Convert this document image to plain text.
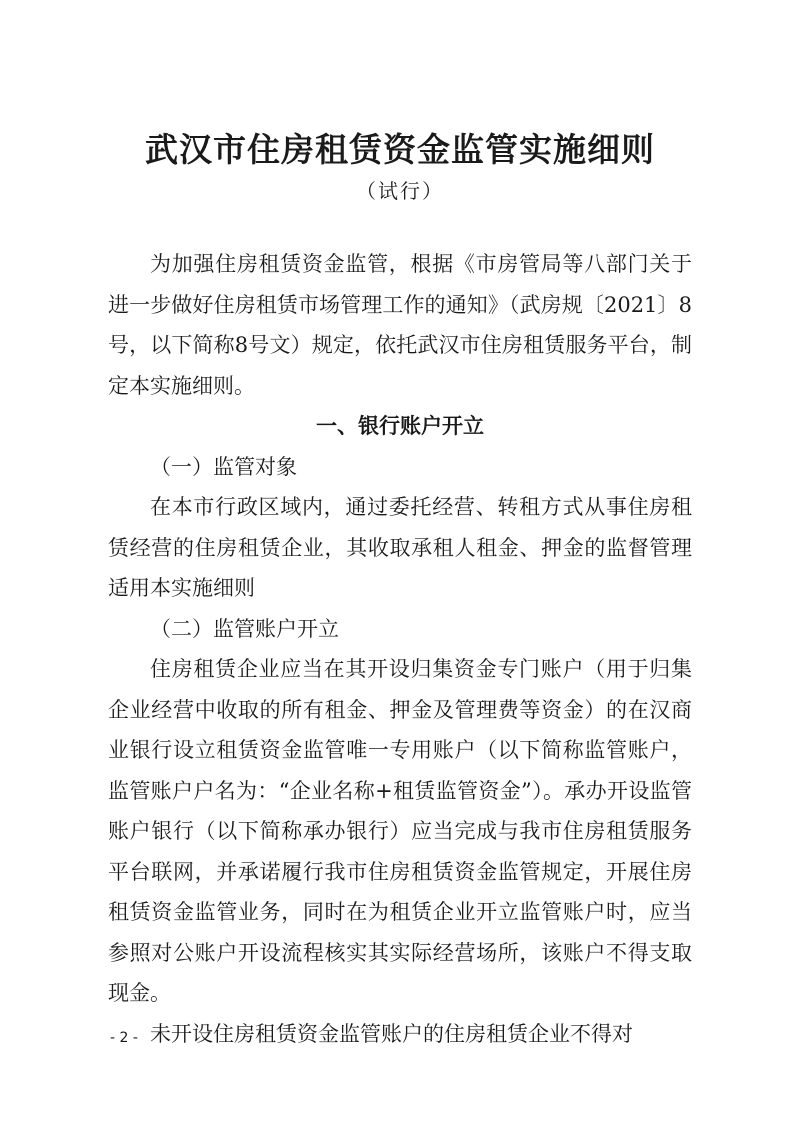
武汉市住房租赁资金监管实施细则
（试行）

为加强住房租赁资金监管，根据《市房管局等八部门关于进一步做好住房租赁市场管理工作的通知》（武房规〔2021〕8号，以下简称8号文）规定，依托武汉市住房租赁服务平台，制定本实施细则。

一、银行账户开立

（一）监管对象

在本市行政区域内，通过委托经营、转租方式从事住房租赁经营的住房租赁企业，其收取承租人租金、押金的监督管理适用本实施细则

（二）监管账户开立

住房租赁企业应当在其开设归集资金专门账户（用于归集企业经营中收取的所有租金、押金及管理费等资金）的在汉商业银行设立租赁资金监管唯一专用账户（以下简称监管账户，监管账户户名为：“企业名称+租赁监管资金”）。承办开设监管账户银行（以下简称承办银行）应当完成与我市住房租赁服务平台联网，并承诺履行我市住房租赁资金监管规定，开展住房租赁资金监管业务，同时在为租赁企业开立监管账户时，应当参照对公账户开设流程核实其实际经营场所，该账户不得支取现金。

未开设住房租赁资金监管账户的住房租赁企业不得对

- 2 -
